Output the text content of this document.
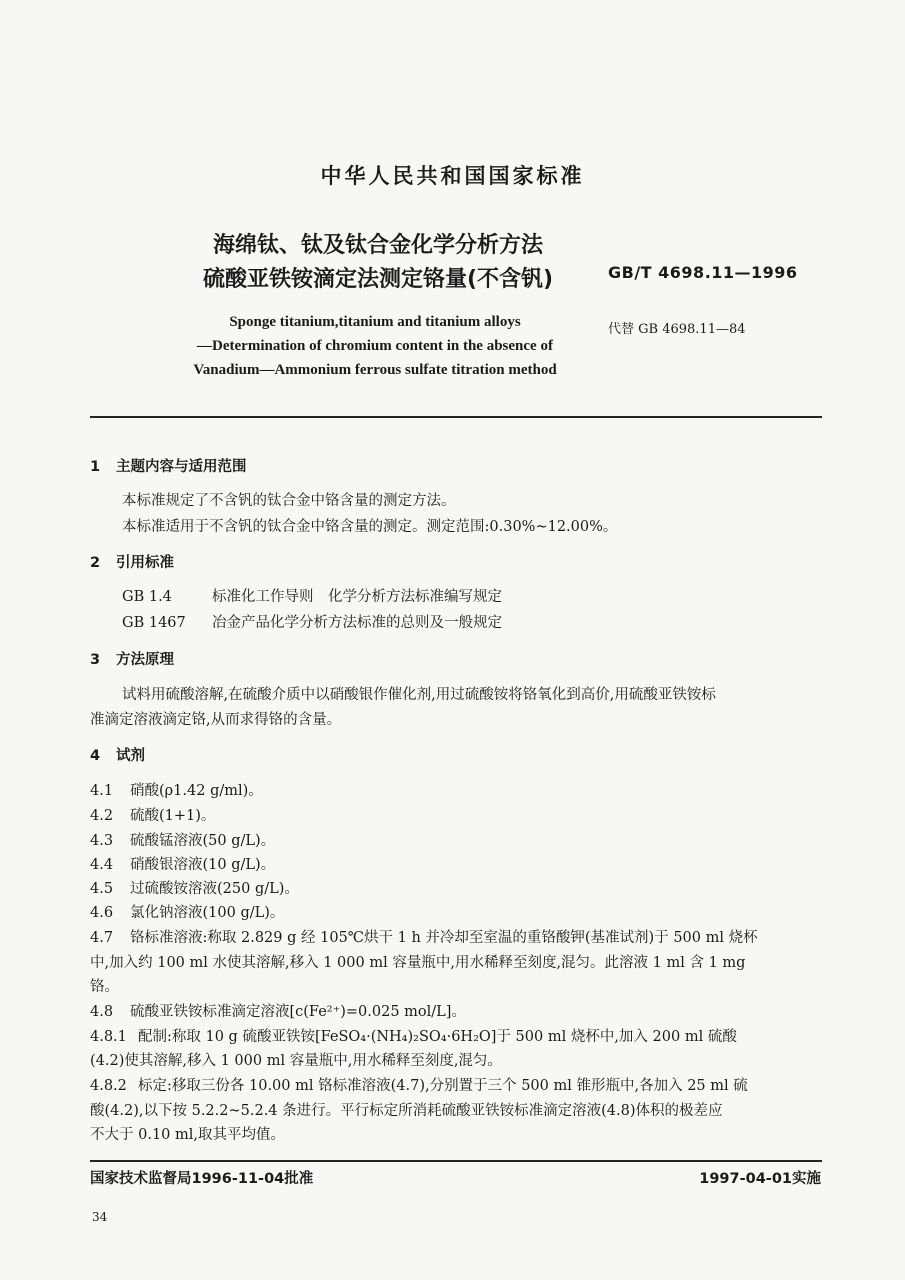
中华人民共和国国家标准
海绵钛、钛及钛合金化学分析方法
硫酸亚铁铵滴定法测定铬量(不含钒)	GB/T 4698.11—1996
代替 GB 4698.11—84
Sponge titanium,titanium and titanium alloys
—Determination of chromium content in the absence of
Vanadium—Ammonium ferrous sulfate titration method
1 主题内容与适用范围
本标准规定了不含钒的钛合金中铬含量的测定方法。
本标准适用于不含钒的钛合金中铬含量的测定。测定范围:0.30%~12.00%。
2 引用标准
GB 1.4	标准化工作导则　化学分析方法标准编写规定
GB 1467 冶金产品化学分析方法标准的总则及一般规定
3 方法原理
试料用硫酸溶解,在硫酸介质中以硝酸银作催化剂,用过硫酸铵将铬氧化到高价,用硫酸亚铁铵标
准滴定溶液滴定铬,从而求得铬的含量。
4 试剂
4.1 硝酸(ρ1.42 g/ml)。
4.2 硫酸(1+1)。
4.3 硫酸锰溶液(50 g/L)。
4.4 硝酸银溶液(10 g/L)。
4.5 过硫酸铵溶液(250 g/L)。
4.6 氯化钠溶液(100 g/L)。
4.7 铬标准溶液:称取 2.829 g 经 105℃烘干 1 h 并冷却至室温的重铬酸钾(基准试剂)于 500 ml 烧杯
中,加入约 100 ml 水使其溶解,移入 1 000 ml 容量瓶中,用水稀释至刻度,混匀。此溶液 1 ml 含 1 mg
铬。
4.8 硫酸亚铁铵标准滴定溶液[c(Fe²⁺)=0.025 mol/L]。
4.8.1 配制:称取 10 g 硫酸亚铁铵[FeSO₄·(NH₄)₂SO₄·6H₂O]于 500 ml 烧杯中,加入 200 ml 硫酸
(4.2)使其溶解,移入 1 000 ml 容量瓶中,用水稀释至刻度,混匀。
4.8.2 标定:移取三份各 10.00 ml 铬标准溶液(4.7),分别置于三个 500 ml 锥形瓶中,各加入 25 ml 硫
酸(4.2),以下按 5.2.2~5.2.4 条进行。平行标定所消耗硫酸亚铁铵标准滴定溶液(4.8)体积的极差应
不大于 0.10 ml,取其平均值。
国家技术监督局1996-11-04批准	1997-04-01实施
34
